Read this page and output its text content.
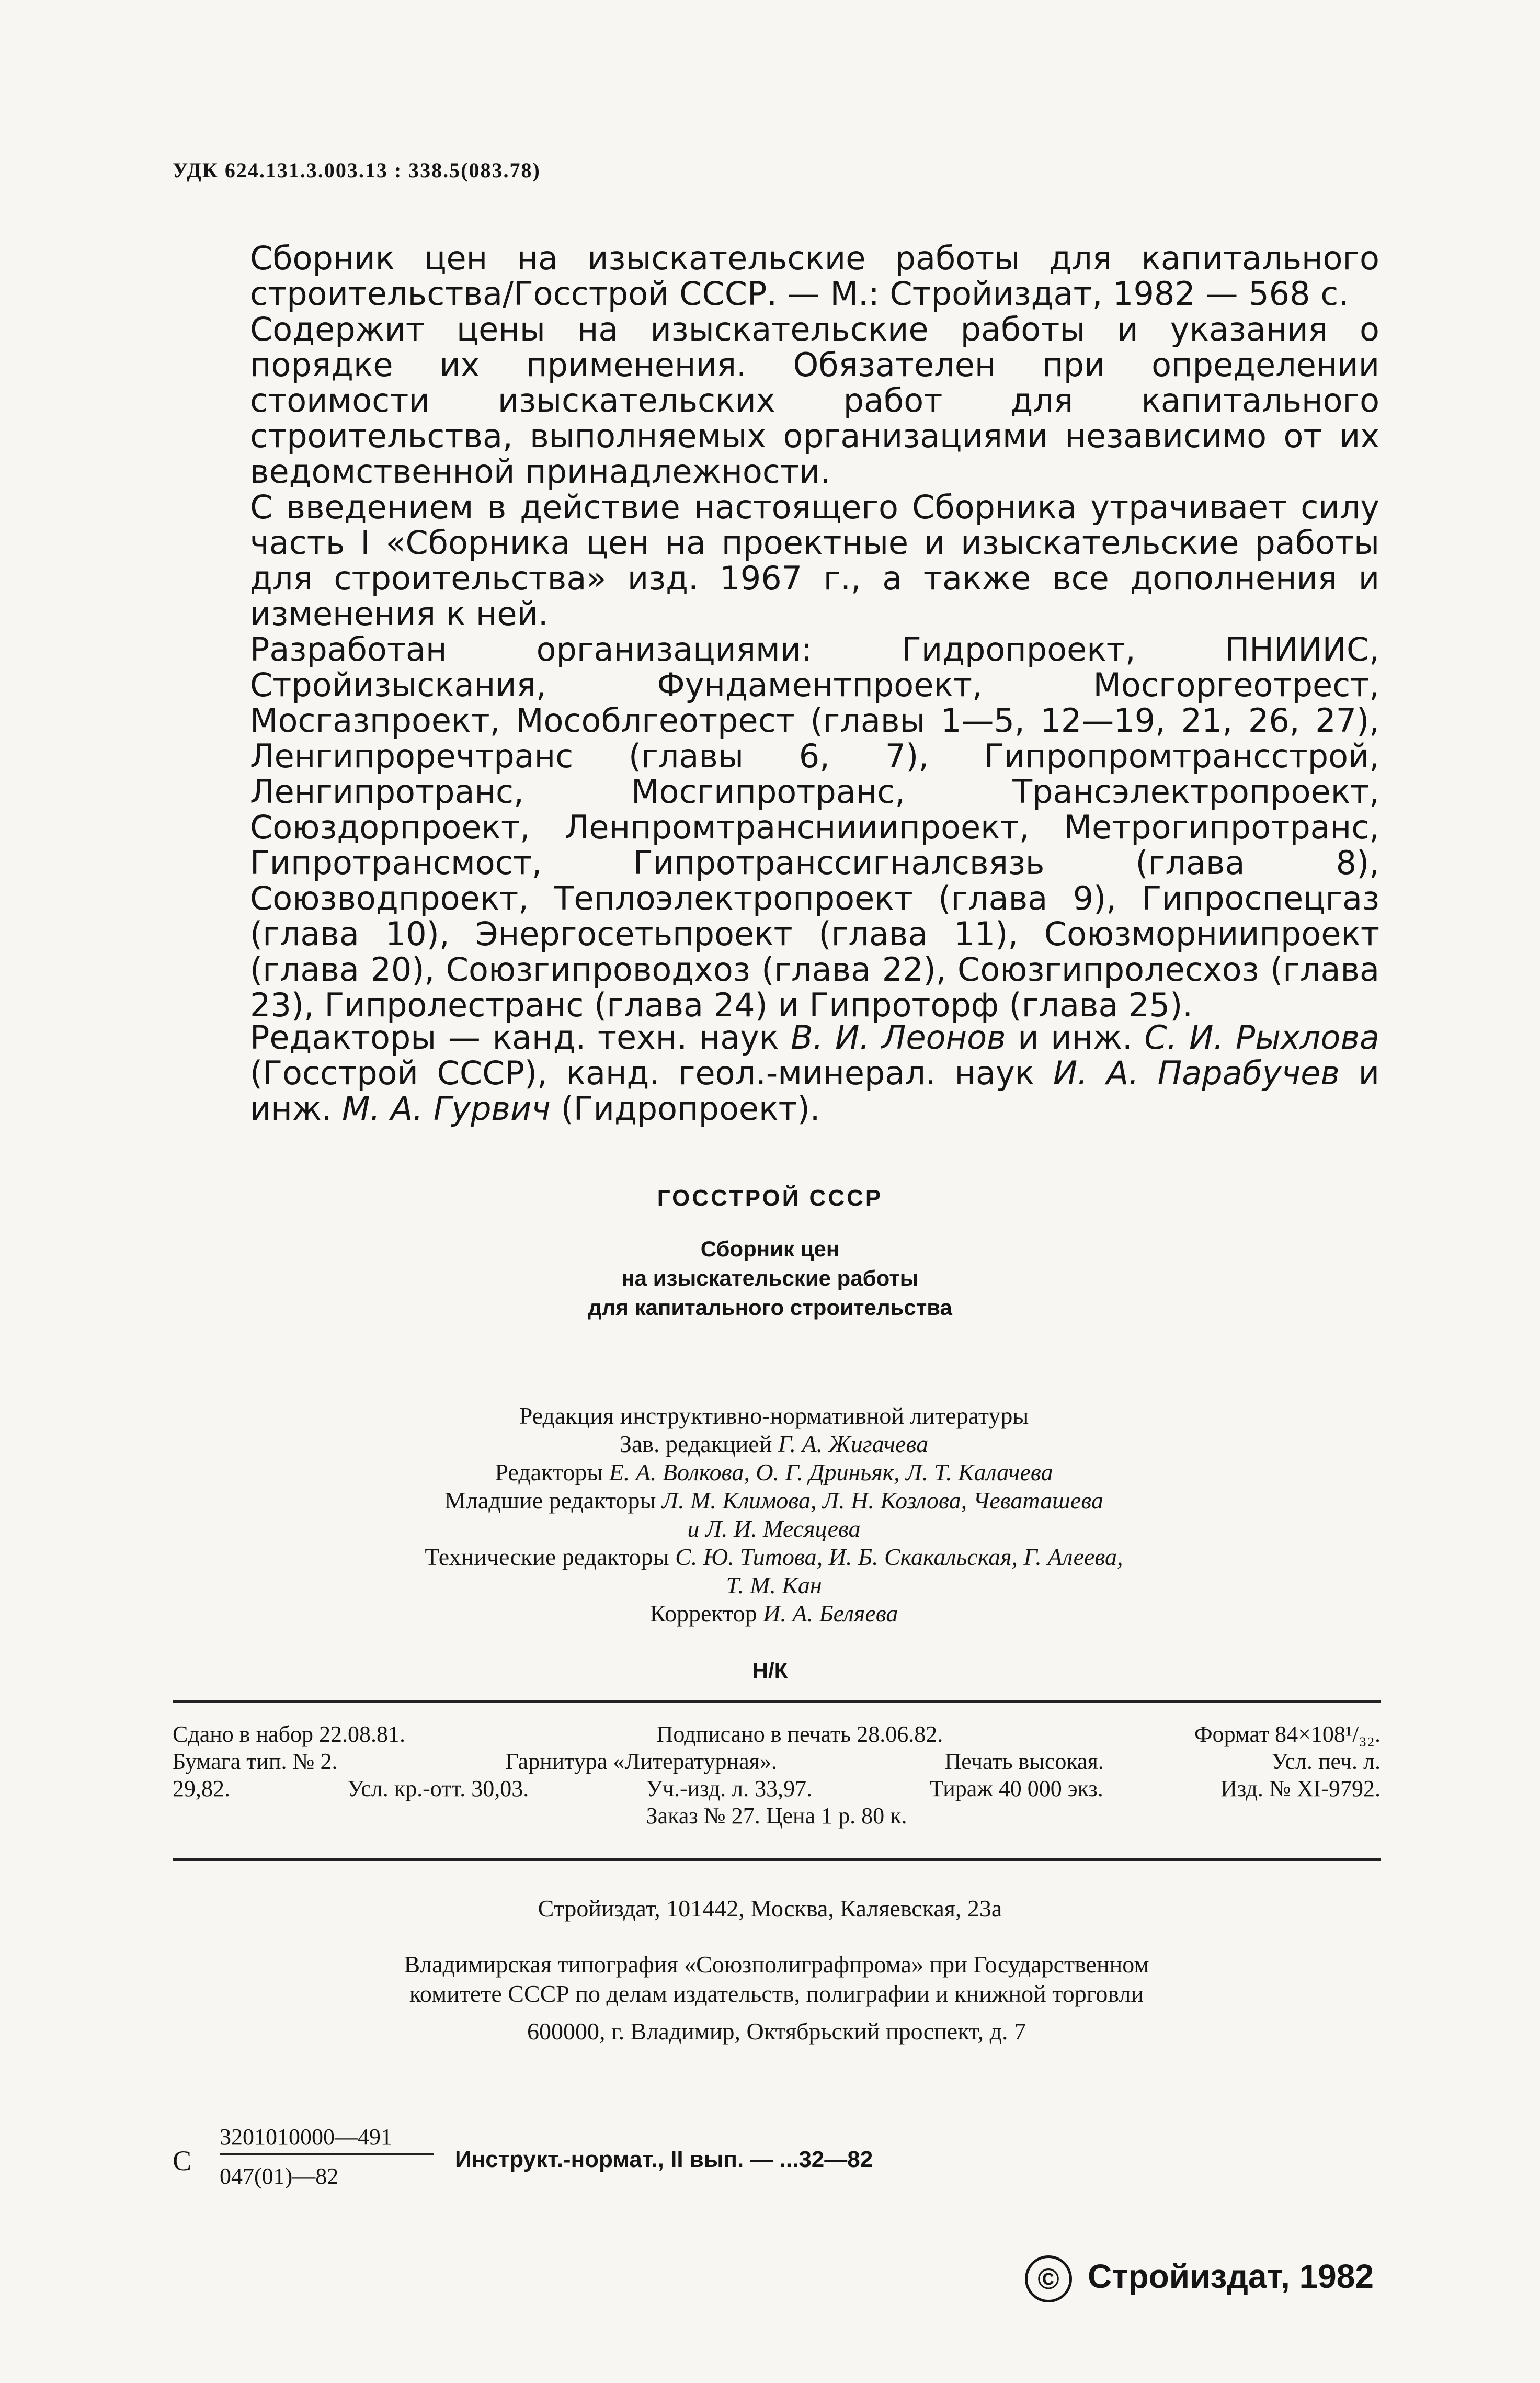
УДК 624.131.3.003.13 : 338.5(083.78)

Сборник цен на изыскательские работы для капитального строительства/Госстрой СССР. — М.: Стройиздат, 1982 — 568 с.

Содержит цены на изыскательские работы и указания о порядке их применения. Обязателен при определении стоимости изыскательских работ для капитального строительства, выполняемых организациями независимо от их ведомственной принадлежности.

С введением в действие настоящего Сборника утрачивает силу часть I «Сборника цен на проектные и изыскательские работы для строительства» изд. 1967 г., а также все дополнения и изменения к ней.

Разработан организациями: Гидропроект, ПНИИИС, Стройизыскания, Фундаментпроект, Мосгоргеотрест, Мосгазпроект, Мособлгеотрест (главы 1—5, 12—19, 21, 26, 27), Ленгипроречтранс (главы 6, 7), Гипропромтрансстрой, Ленгипротранс, Мосгипротранс, Трансэлектропроект, Союздорпроект, Ленпромтранснииипроект, Метрогипротранс, Гипротрансмост, Гипротранссигналсвязь (глава 8), Союзводпроект, Теплоэлектропроект (глава 9), Гипроспецгаз (глава 10), Энергосетьпроект (глава 11), Союзморниипроект (глава 20), Союзгипроводхоз (глава 22), Союзгипролесхоз (глава 23), Гипролестранс (глава 24) и Гипроторф (глава 25).

Редакторы — канд. техн. наук В. И. Леонов и инж. С. И. Рыхлова (Госстрой СССР), канд. геол.-минерал. наук И. А. Парабучев и инж. М. А. Гурвич (Гидропроект).
ГОССТРОЙ СССР
Сборник цен
на изыскательские работы
для капитального строительства
Редакция инструктивно-нормативной литературы
Зав. редакцией Г. А. Жигачева
Редакторы Е. А. Волкова, О. Г. Дриньяк, Л. Т. Калачева
Младшие редакторы Л. М. Климова, Л. Н. Козлова, Чеваташева
и Л. И. Месяцева
Технические редакторы С. Ю. Титова, И. Б. Скакальская, Г. Алеева,
Т. М. Кан
Корректор И. А. Беляева
Н/К
Сдано в набор 22.08.81.	Подписано в печать 28.06.82.	Формат 84×108¹/₃₂.
Бумага тип. № 2.	Гарнитура «Литературная».	Печать высокая.	Усл. печ. л.
29,82.	Усл. кр.-отт. 30,03.	Уч.-изд. л. 33,97.	Тираж 40 000 экз.	Изд. № XI-9792.
Заказ № 27. Цена 1 р. 80 к.
Стройиздат, 101442, Москва, Каляевская, 23а
Владимирская типография «Союзполиграфпрома» при Государственном
комитете СССР по делам издательств, полиграфии и книжной торговли
600000, г. Владимир, Октябрьский проспект, д. 7
С $\frac{3201010000—491}{047(01)—82}$ Инструкт.-нормат., II вып. — ...32—82
© Стройиздат, 1982
